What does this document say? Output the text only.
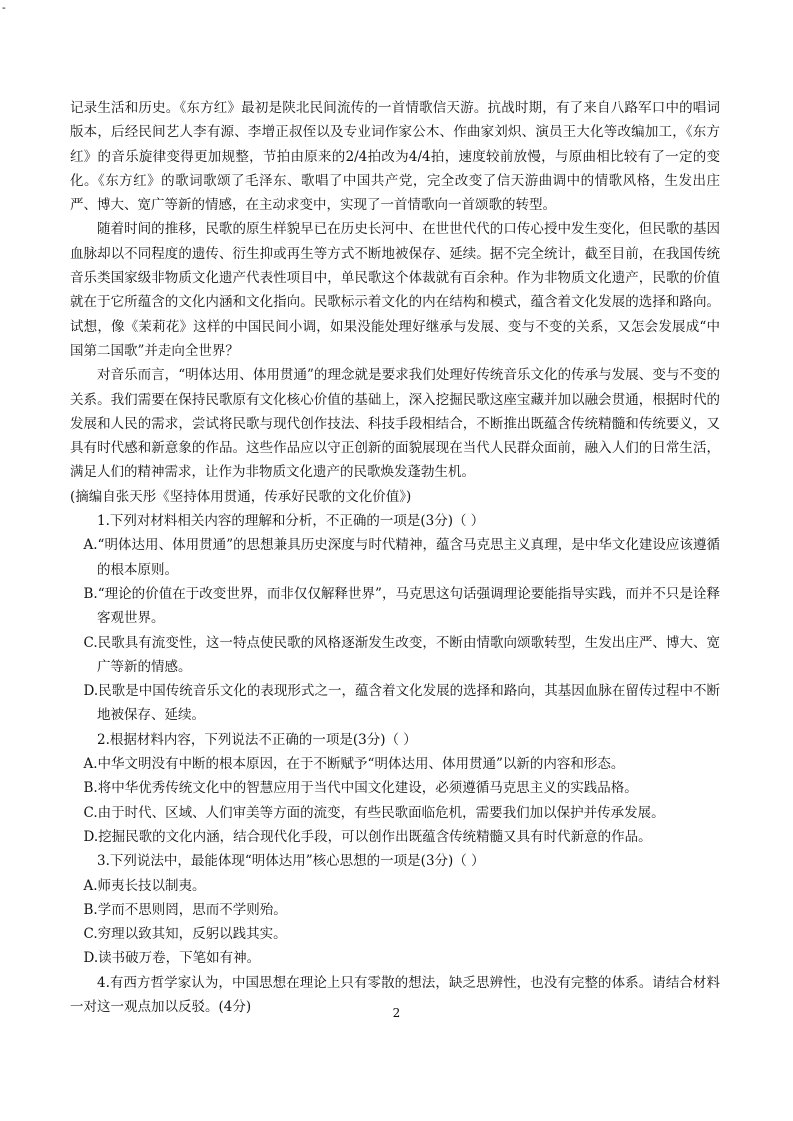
-

记录生活和历史。《东方红》最初是陕北民间流传的一首情歌信天游。抗战时期，有了来自八路军口中的唱词版本，后经民间艺人李有源、李增正叔侄以及专业词作家公木、作曲家刘炽、演员王大化等改编加工，《东方红》的音乐旋律变得更加规整，节拍由原来的2/4拍改为4/4拍，速度较前放慢，与原曲相比较有了一定的变化。《东方红》的歌词歌颂了毛泽东、歌唱了中国共产党，完全改变了信天游曲调中的情歌风格，生发出庄严、博大、宽广等新的情感，在主动求变中，实现了一首情歌向一首颂歌的转型。

随着时间的推移，民歌的原生样貌早已在历史长河中、在世世代代的口传心授中发生变化，但民歌的基因血脉却以不同程度的遗传、衍生抑或再生等方式不断地被保存、延续。据不完全统计，截至目前，在我国传统音乐类国家级非物质文化遗产代表性项目中，单民歌这个体裁就有百余种。作为非物质文化遗产，民歌的价值就在于它所蕴含的文化内涵和文化指向。民歌标示着文化的内在结构和模式，蕴含着文化发展的选择和路向。试想，像《茉莉花》这样的中国民间小调，如果没能处理好继承与发展、变与不变的关系，又怎会发展成“中国第二国歌”并走向全世界？

对音乐而言，“明体达用、体用贯通”的理念就是要求我们处理好传统音乐文化的传承与发展、变与不变的关系。我们需要在保持民歌原有文化核心价值的基础上，深入挖掘民歌这座宝藏并加以融会贯通，根据时代的发展和人民的需求，尝试将民歌与现代创作技法、科技手段相结合，不断推出既蕴含传统精髓和传统要义，又具有时代感和新意象的作品。这些作品应以守正创新的面貌展现在当代人民群众面前，融入人们的日常生活，满足人们的精神需求，让作为非物质文化遗产的民歌焕发蓬勃生机。

(摘编自张天彤《坚持体用贯通，传承好民歌的文化价值》)

1.下列对材料相关内容的理解和分析，不正确的一项是(3分)（ ）

A.“明体达用、体用贯通”的思想兼具历史深度与时代精神，蕴含马克思主义真理，是中华文化建设应该遵循的根本原则。

B.“理论的价值在于改变世界，而非仅仅解释世界”，马克思这句话强调理论要能指导实践，而并不只是诠释客观世界。

C.民歌具有流变性，这一特点使民歌的风格逐渐发生改变，不断由情歌向颂歌转型，生发出庄严、博大、宽广等新的情感。

D.民歌是中国传统音乐文化的表现形式之一，蕴含着文化发展的选择和路向，其基因血脉在留传过程中不断地被保存、延续。

2.根据材料内容，下列说法不正确的一项是(3分)（ ）

A.中华文明没有中断的根本原因，在于不断赋予“明体达用、体用贯通”以新的内容和形态。

B.将中华优秀传统文化中的智慧应用于当代中国文化建设，必须遵循马克思主义的实践品格。

C.由于时代、区域、人们审美等方面的流变，有些民歌面临危机，需要我们加以保护并传承发展。

D.挖掘民歌的文化内涵，结合现代化手段，可以创作出既蕴含传统精髓又具有时代新意的作品。

3.下列说法中，最能体现“明体达用”核心思想的一项是(3分)（ ）

A.师夷长技以制夷。

B.学而不思则罔，思而不学则殆。

C.穷理以致其知，反躬以践其实。

D.读书破万卷，下笔如有神。

4.有西方哲学家认为，中国思想在理论上只有零散的想法，缺乏思辨性，也没有完整的体系。请结合材料一对这一观点加以反驳。(4分)	2
